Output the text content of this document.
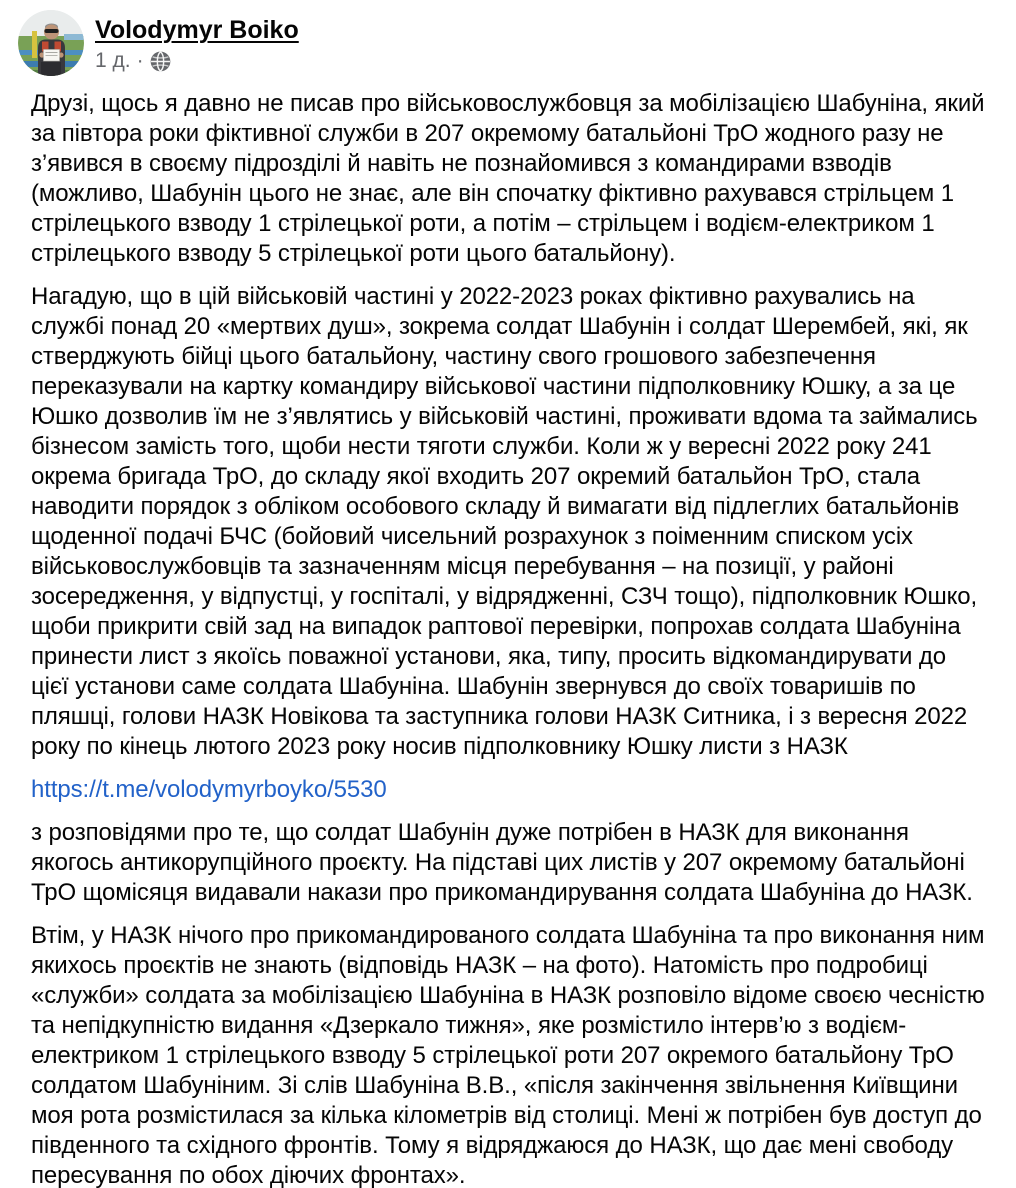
Volodymyr Boiko
1 д. ·

Друзі, щось я давно не писав про військовослужбовця за мобілізацією Шабуніна, який за півтора роки фіктивної служби в 207 окремому батальйоні ТрО жодного разу не з’явився в своєму підрозділі й навіть не познайомився з командирами взводів (можливо, Шабунін цього не знає, але він спочатку фіктивно рахувався стрільцем 1 стрілецького взводу 1 стрілецької роти, а потім – стрільцем і водієм-електриком 1 стрілецького взводу 5 стрілецької роти цього батальйону).

Нагадую, що в цій військовій частині у 2022-2023 роках фіктивно рахувались на службі понад 20 «мертвих душ», зокрема солдат Шабунін і солдат Шерембей, які, як стверджують бійці цього батальйону, частину свого грошового забезпечення переказували на картку командиру військової частини підполковнику Юшку, а за це Юшко дозволив їм не з’являтись у військовій частині, проживати вдома та займались бізнесом замість того, щоби нести тяготи служби. Коли ж у вересні 2022 року 241 окрема бригада ТрО, до складу якої входить 207 окремий батальйон ТрО, стала наводити порядок з обліком особового складу й вимагати від підлеглих батальйонів щоденної подачі БЧС (бойовий чисельний розрахунок з поіменним списком усіх військовослужбовців та зазначенням місця перебування – на позиції, у районі зосередження, у відпустці, у госпіталі, у відрядженні, СЗЧ тощо), підполковник Юшко, щоби прикрити свій зад на випадок раптової перевірки, попрохав солдата Шабуніна принести лист з якоїсь поважної установи, яка, типу, просить відкомандирувати до цієї установи саме солдата Шабуніна. Шабунін звернувся до своїх товаришів по пляшці, голови НАЗК Новікова та заступника голови НАЗК Ситника, і з вересня 2022 року по кінець лютого 2023 року носив підполковнику Юшку листи з НАЗК

https://t.me/volodymyrboyko/5530

з розповідями про те, що солдат Шабунін дуже потрібен в НАЗК для виконання якогось антикорупційного проєкту. На підставі цих листів у 207 окремому батальйоні ТрО щомісяця видавали накази про прикомандирування солдата Шабуніна до НАЗК.

Втім, у НАЗК нічого про прикомандированого солдата Шабуніна та про виконання ним якихось проєктів не знають (відповідь НАЗК – на фото). Натомість про подробиці «служби» солдата за мобілізацією Шабуніна в НАЗК розповіло відоме своєю чесністю та непідкупністю видання «Дзеркало тижня», яке розмістило інтерв’ю з водієм-електриком 1 стрілецького взводу 5 стрілецької роти 207 окремого батальйону ТрО солдатом Шабуніним. Зі слів Шабуніна В.В., «після закінчення звільнення Київщини моя рота розмістилася за кілька кілометрів від столиці. Мені ж потрібен був доступ до південного та східного фронтів. Тому я відряджаюся до НАЗК, що дає мені свободу пересування по обох діючих фронтах».
